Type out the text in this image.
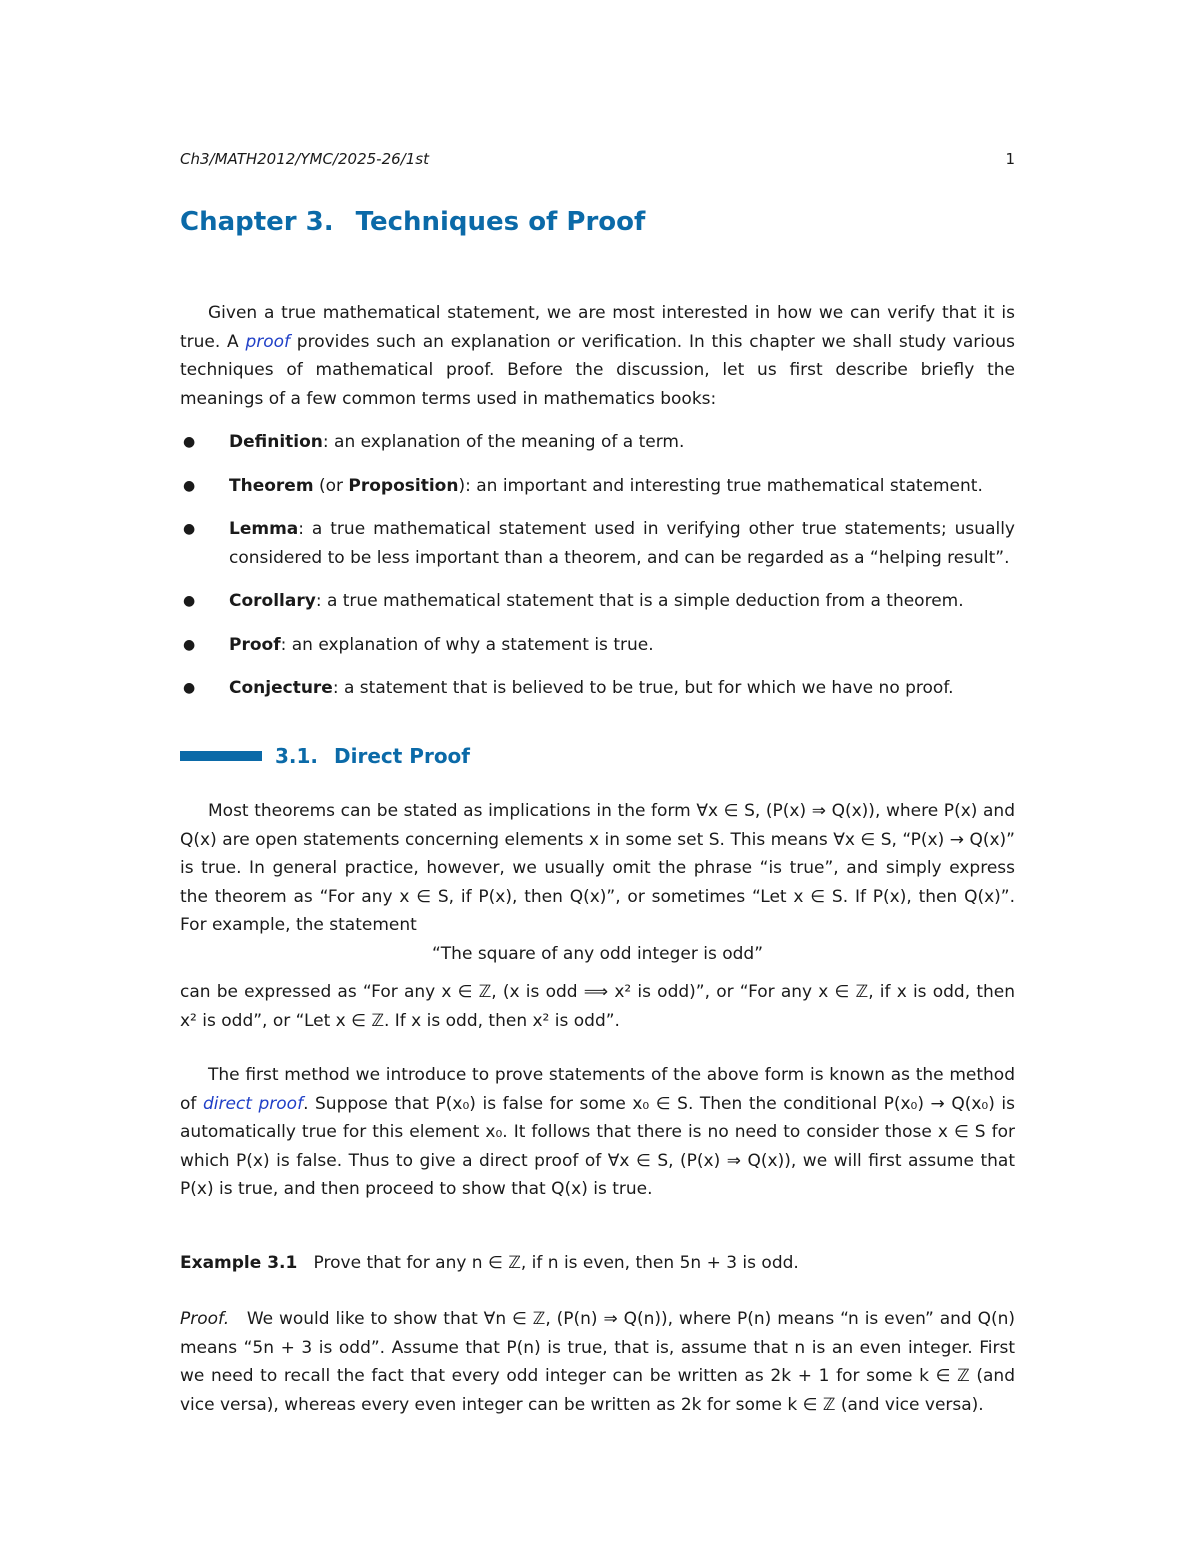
Ch3/MATH2012/YMC/2025-26/1st	1
Chapter 3. Techniques of Proof

Given a true mathematical statement, we are most interested in how we can verify that it is true. A proof provides such an explanation or verification. In this chapter we shall study various techniques of mathematical proof. Before the discussion, let us first describe briefly the meanings of a few common terms used in mathematics books:

● Definition: an explanation of the meaning of a term.
● Theorem (or Proposition): an important and interesting true mathematical statement.
● Lemma: a true mathematical statement used in verifying other true statements; usually considered to be less important than a theorem, and can be regarded as a “helping result”.
● Corollary: a true mathematical statement that is a simple deduction from a theorem.
● Proof: an explanation of why a statement is true.
● Conjecture: a statement that is believed to be true, but for which we have no proof.
3.1. Direct Proof

Most theorems can be stated as implications in the form ∀x ∈ S, (P(x) ⇒ Q(x)), where P(x) and Q(x) are open statements concerning elements x in some set S. This means ∀x ∈ S, “P(x) → Q(x)” is true. In general practice, however, we usually omit the phrase “is true”, and simply express the theorem as “For any x ∈ S, if P(x), then Q(x)”, or sometimes “Let x ∈ S. If P(x), then Q(x)”. For example, the statement

“The square of any odd integer is odd”

can be expressed as “For any x ∈ ℤ, (x is odd ⟹ x² is odd)”, or “For any x ∈ ℤ, if x is odd, then x² is odd”, or “Let x ∈ ℤ. If x is odd, then x² is odd”.

The first method we introduce to prove statements of the above form is known as the method of direct proof. Suppose that P(x₀) is false for some x₀ ∈ S. Then the conditional P(x₀) → Q(x₀) is automatically true for this element x₀. It follows that there is no need to consider those x ∈ S for which P(x) is false. Thus to give a direct proof of ∀x ∈ S, (P(x) ⇒ Q(x)), we will first assume that P(x) is true, and then proceed to show that Q(x) is true.

Example 3.1 Prove that for any n ∈ ℤ, if n is even, then 5n + 3 is odd.

Proof. We would like to show that ∀n ∈ ℤ, (P(n) ⇒ Q(n)), where P(n) means “n is even” and Q(n) means “5n + 3 is odd”. Assume that P(n) is true, that is, assume that n is an even integer. First we need to recall the fact that every odd integer can be written as 2k + 1 for some k ∈ ℤ (and vice versa), whereas every even integer can be written as 2k for some k ∈ ℤ (and vice versa).
